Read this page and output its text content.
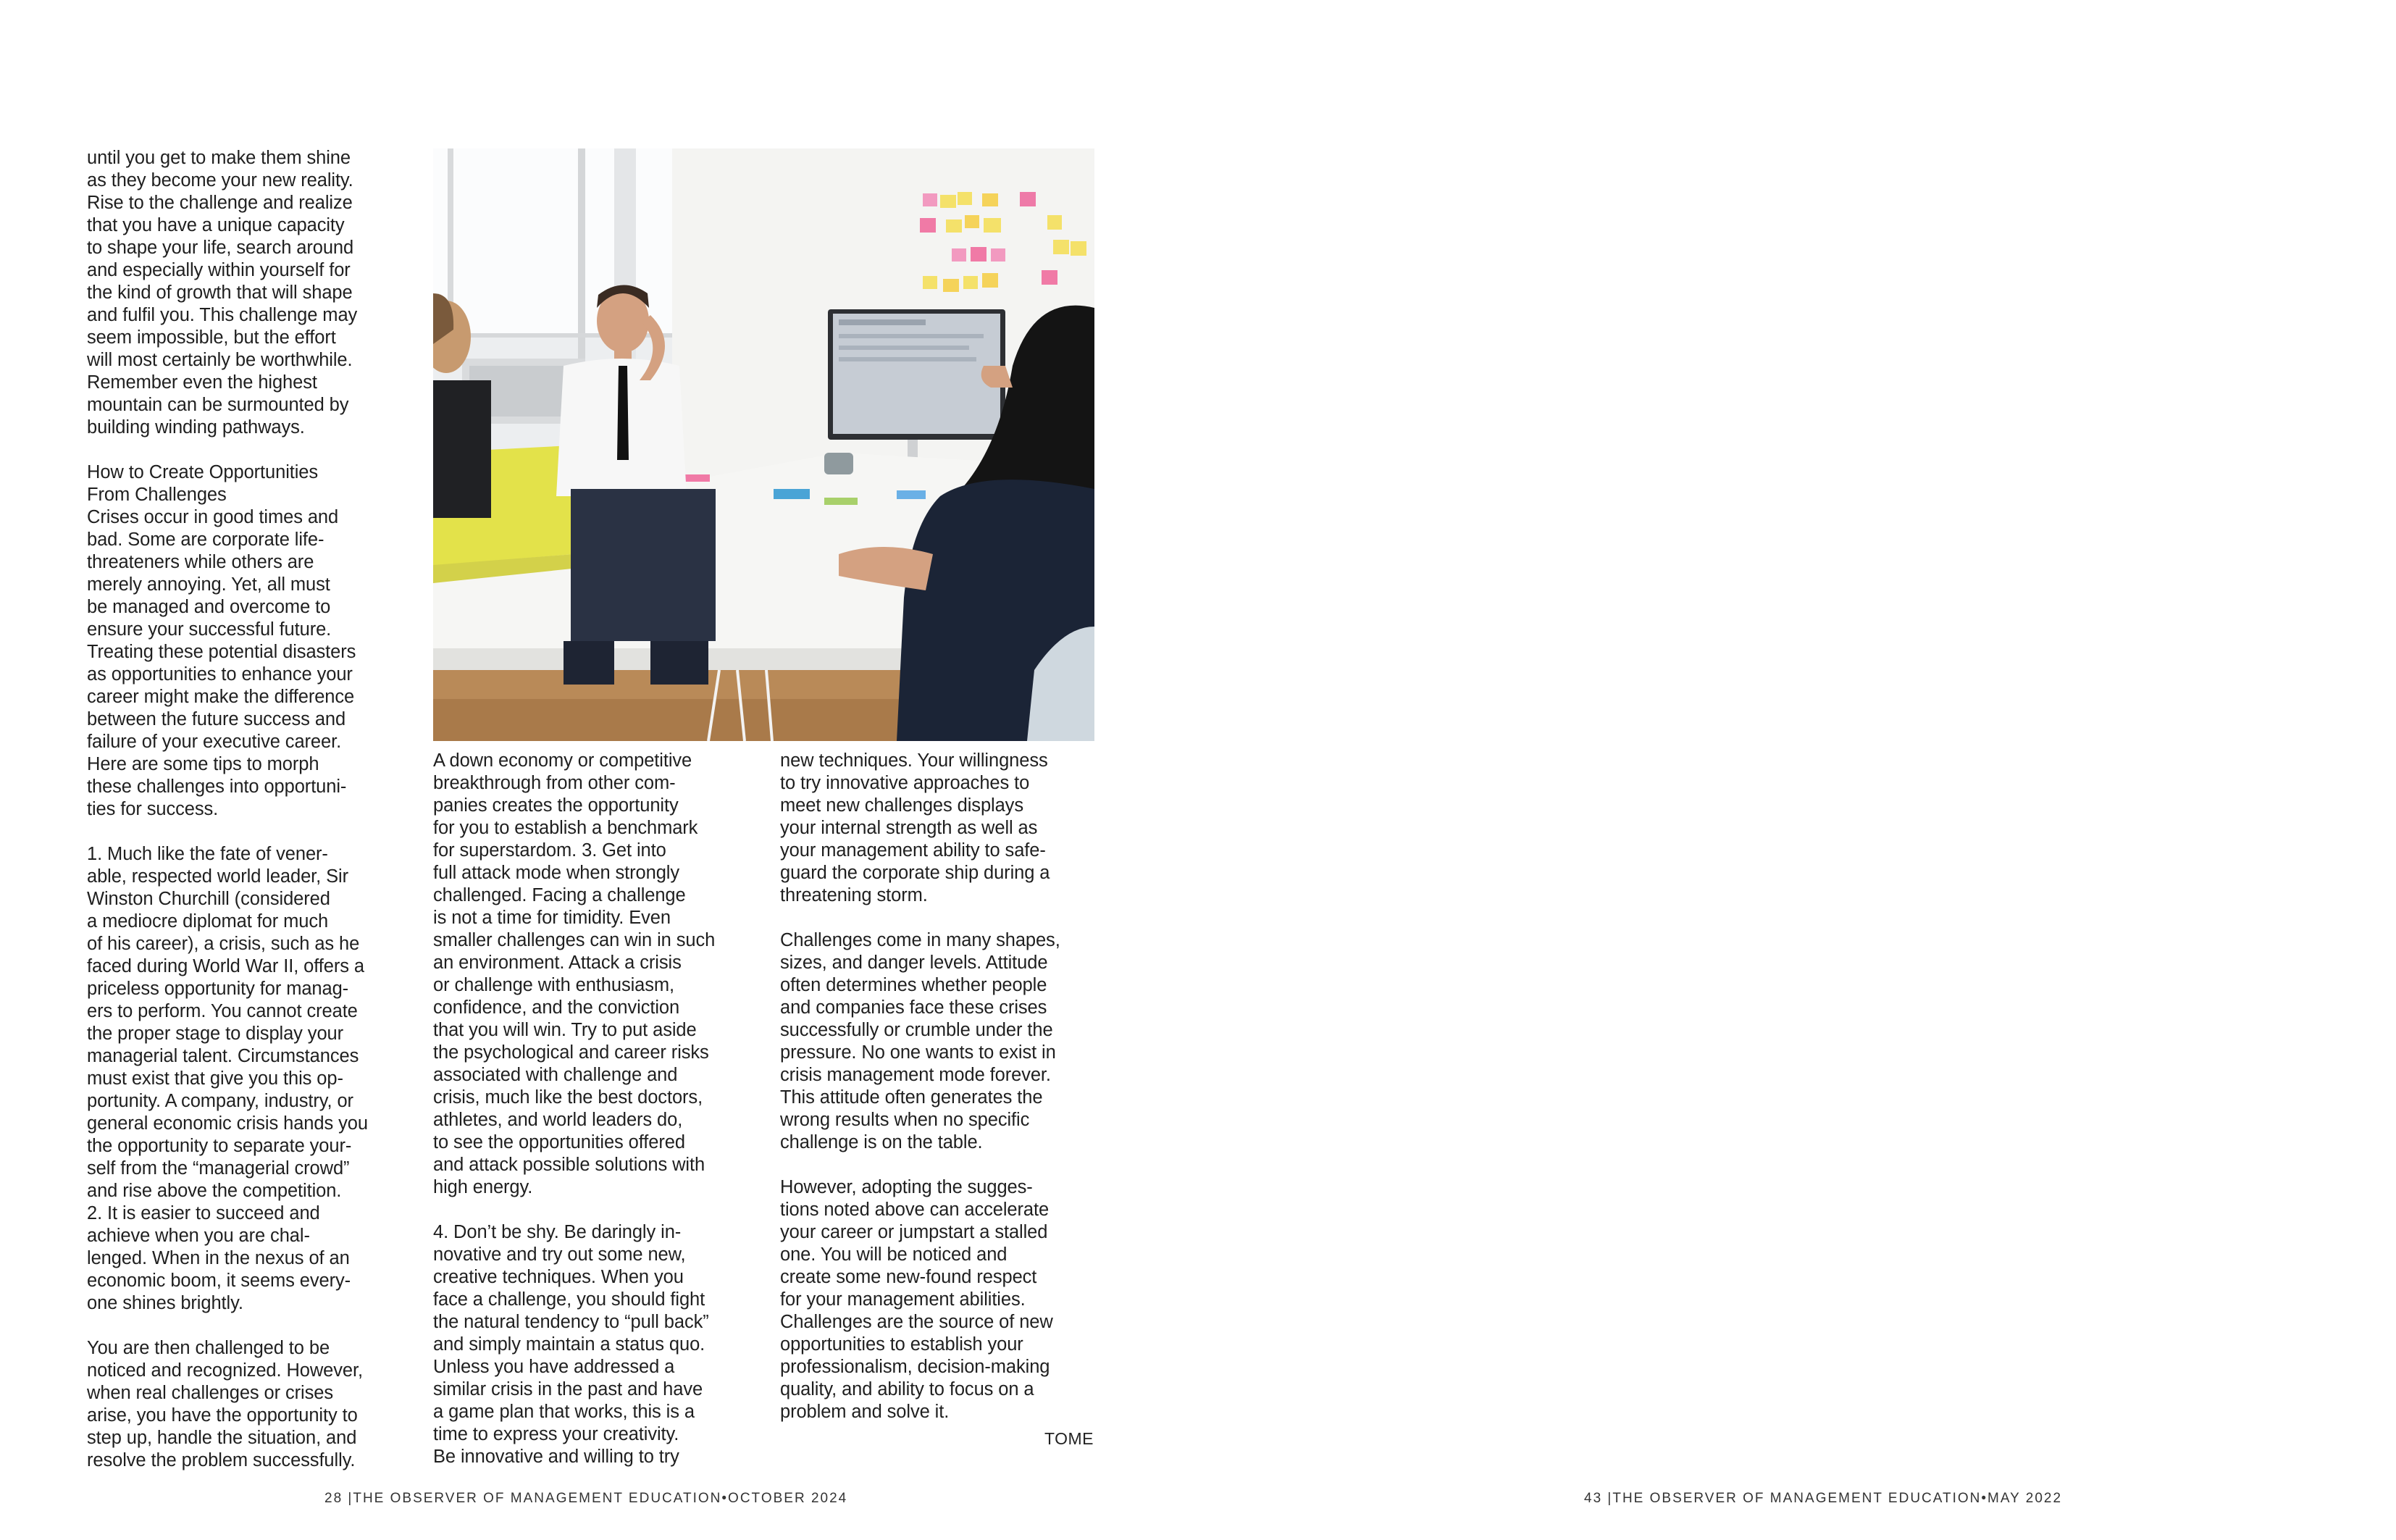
until you get to make them shine
as they become your new reality.
Rise to the challenge and realize
that you have a unique capacity
to shape your life, search around
and especially within yourself for
the kind of growth that will shape
and fulfil you. This challenge may
seem impossible, but the effort
will most certainly be worthwhile.
Remember even the highest
mountain can be surmounted by
building winding pathways.

How to Create Opportunities
From Challenges
Crises occur in good times and
bad. Some are corporate life-
threateners while others are
merely annoying. Yet, all must
be managed and overcome to
ensure your successful future.
Treating these potential disasters
as opportunities to enhance your
career might make the difference
between the future success and
failure of your executive career.
Here are some tips to morph
these challenges into opportuni-
ties for success.

1. Much like the fate of vener-
able, respected world leader, Sir
Winston Churchill (considered
a mediocre diplomat for much
of his career), a crisis, such as he
faced during World War II, offers a
priceless opportunity for manag-
ers to perform. You cannot create
the proper stage to display your
managerial talent. Circumstances
must exist that give you this op-
portunity. A company, industry, or
general economic crisis hands you
the opportunity to separate your-
self from the “managerial crowd”
and rise above the competition.
2. It is easier to succeed and
achieve when you are chal-
lenged. When in the nexus of an
economic boom, it seems every-
one shines brightly.

You are then challenged to be
noticed and recognized. However,
when real challenges or crises
arise, you have the opportunity to
step up, handle the situation, and
resolve the problem successfully.

A down economy or competitive
breakthrough from other com-
panies creates the opportunity
for you to establish a benchmark
for superstardom. 3. Get into
full attack mode when strongly
challenged. Facing a challenge
is not a time for timidity. Even
smaller challenges can win in such
an environment. Attack a crisis
or challenge with enthusiasm,
confidence, and the conviction
that you will win. Try to put aside
the psychological and career risks
associated with challenge and
crisis, much like the best doctors,
athletes, and world leaders do,
to see the opportunities offered
and attack possible solutions with
high energy.

4. Don’t be shy. Be daringly in-
novative and try out some new,
creative techniques. When you
face a challenge, you should fight
the natural tendency to “pull back”
and simply maintain a status quo.
Unless you have addressed a
similar crisis in the past and have
a game plan that works, this is a
time to express your creativity.
Be innovative and willing to try

new techniques. Your willingness
to try innovative approaches to
meet new challenges displays
your internal strength as well as
your management ability to safe-
guard the corporate ship during a
threatening storm.

Challenges come in many shapes,
sizes, and danger levels. Attitude
often determines whether people
and companies face these crises
successfully or crumble under the
pressure. No one wants to exist in
crisis management mode forever.
This attitude often generates the
wrong results when no specific
challenge is on the table.

However, adopting the sugges-
tions noted above can accelerate
your career or jumpstart a stalled
one. You will be noticed and
create some new-found respect
for your management abilities.
Challenges are the source of new
opportunities to establish your
professionalism, decision-making
quality, and ability to focus on a
problem and solve it.

TOME
28 |THE OBSERVER OF MANAGEMENT EDUCATION•OCTOBER 2024	43 |THE OBSERVER OF MANAGEMENT EDUCATION•MAY 2022
